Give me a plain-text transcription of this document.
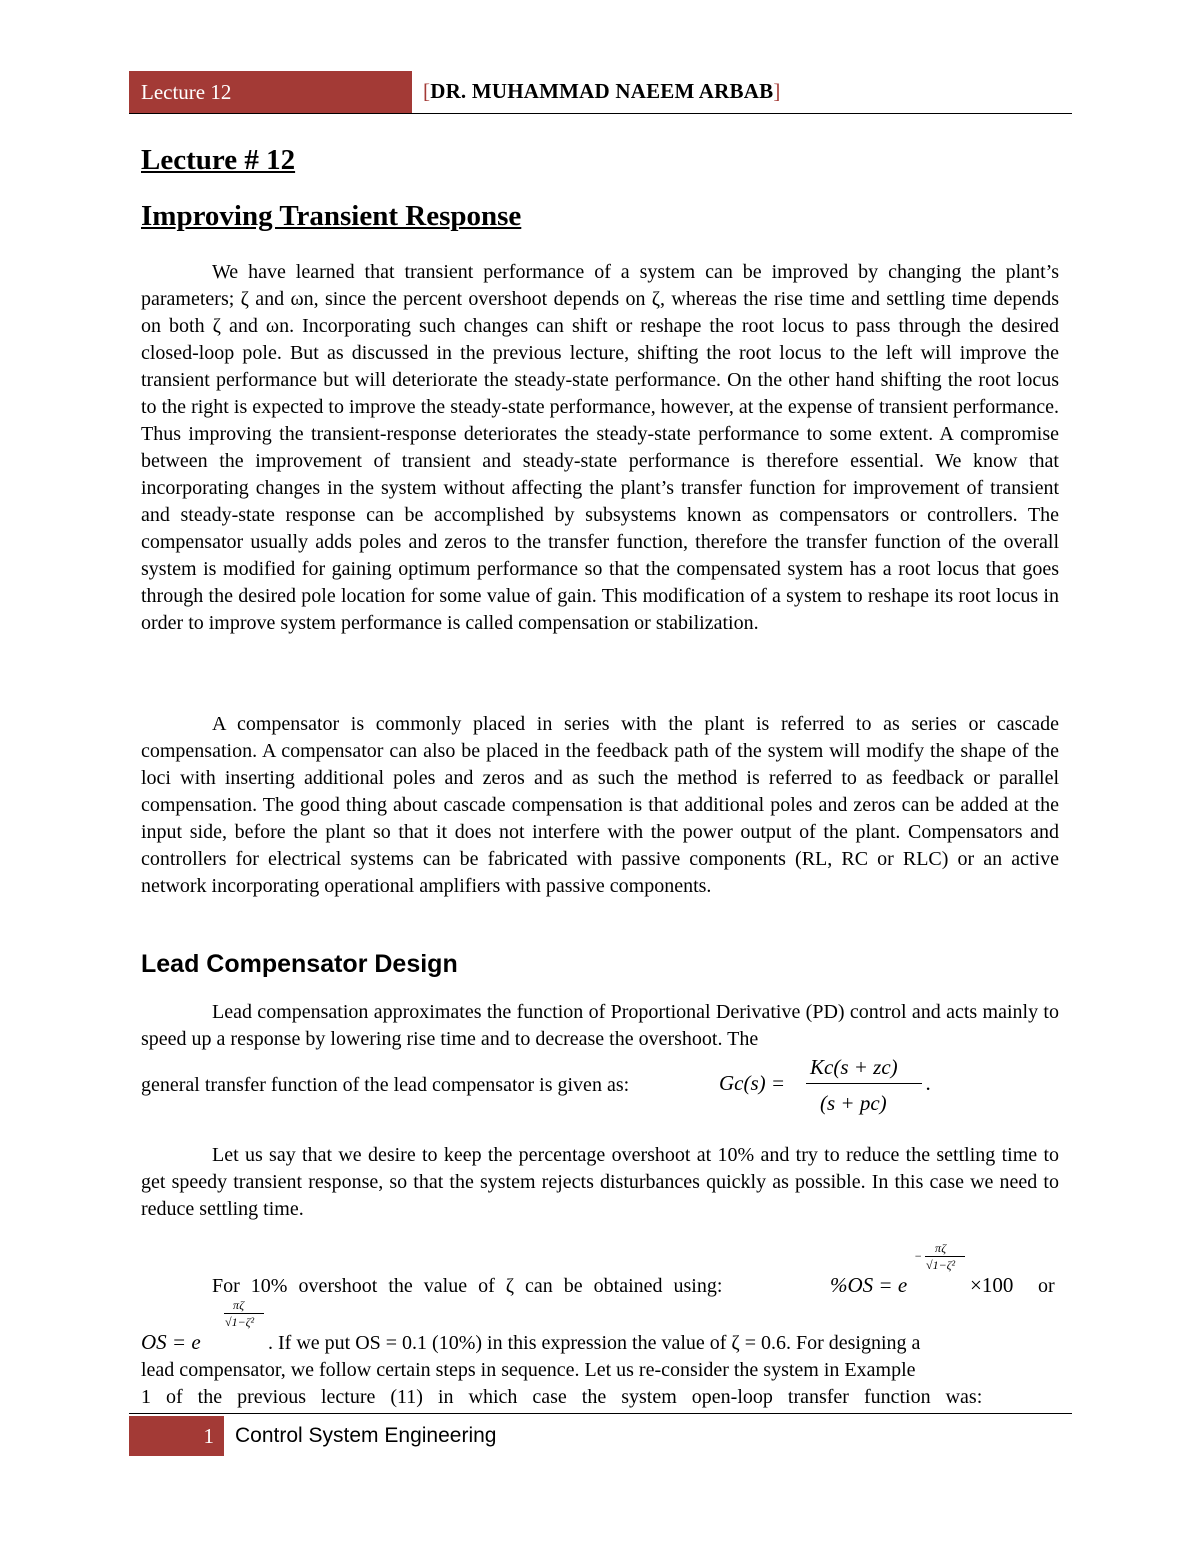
Lecture 12	[DR. MUHAMMAD NAEEM ARBAB]
Lecture # 12
Improving Transient Response
We have learned that transient performance of a system can be improved by changing the plant’s parameters; ζ and ωn, since the percent overshoot depends on ζ, whereas the rise time and settling time depends on both ζ and ωn. Incorporating such changes can shift or reshape the root locus to pass through the desired closed-loop pole. But as discussed in the previous lecture, shifting the root locus to the left will improve the transient performance but will deteriorate the steady-state performance. On the other hand shifting the root locus to the right is expected to improve the steady-state performance, however, at the expense of transient performance. Thus improving the transient-response deteriorates the steady-state performance to some extent. A compromise between the improvement of transient and steady-state performance is therefore essential. We know that incorporating changes in the system without affecting the plant’s transfer function for improvement of transient and steady-state response can be accomplished by subsystems known as compensators or controllers. The compensator usually adds poles and zeros to the transfer function, therefore the transfer function of the overall system is modified for gaining optimum performance so that the compensated system has a root locus that goes through the desired pole location for some value of gain. This modification of a system to reshape its root locus in order to improve system performance is called compensation or stabilization.
A compensator is commonly placed in series with the plant is referred to as series or cascade compensation. A compensator can also be placed in the feedback path of the system will modify the shape of the loci with inserting additional poles and zeros and as such the method is referred to as feedback or parallel compensation. The good thing about cascade compensation is that additional poles and zeros can be added at the input side, before the plant so that it does not interfere with the power output of the plant. Compensators and controllers for electrical systems can be fabricated with passive components (RL, RC or RLC) or an active network incorporating operational amplifiers with passive components.
Lead Compensator Design
Lead compensation approximates the function of Proportional Derivative (PD) control and acts mainly to speed up a response by lowering rise time and to decrease the overshoot. The
general transfer function of the lead compensator is given as:	Gc(s) =
Kc(s + zc)
(s + pc)
.
Let us say that we desire to keep the percentage overshoot at 10% and try to reduce the settling time to get speedy transient response, so that the system rejects disturbances quickly as possible. In this case we need to reduce settling time.
For 10% overshoot the value of ζ can be obtained using:	%OS = e
−
πζ
√1−ζ²
×100 or
OS = e
πζ
√1−ζ²
. If we put OS = 0.1 (10%) in this expression the value of ζ = 0.6. For designing a
lead compensator, we follow certain steps in sequence. Let us re-consider the system in Example
1 of the previous lecture (11) in which case the system open-loop transfer function was:
1 Control System Engineering
